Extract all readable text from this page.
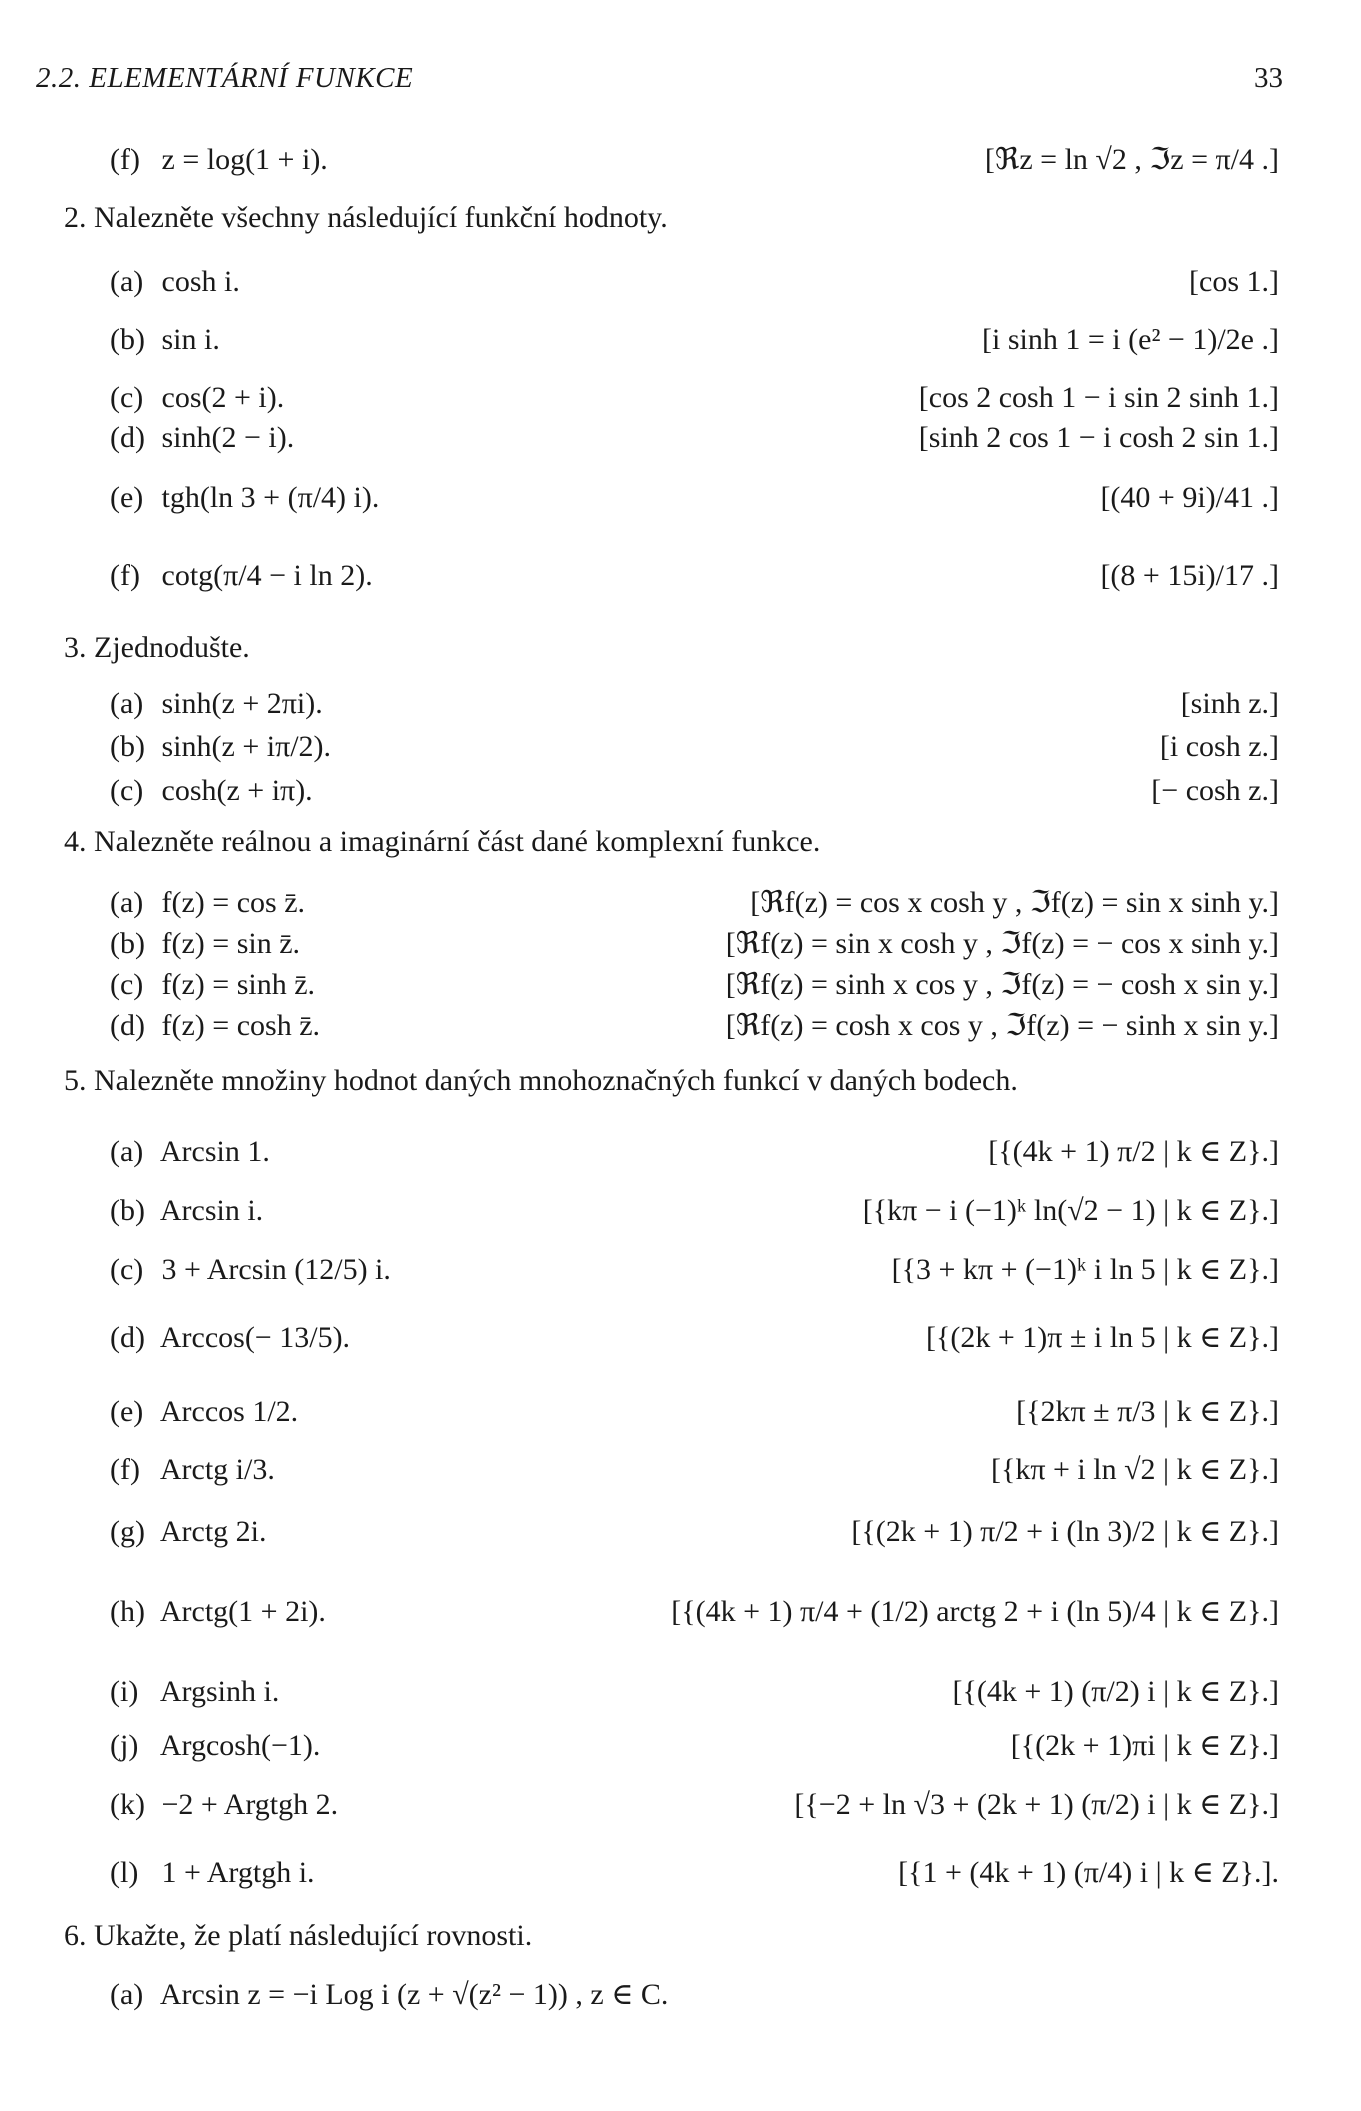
2.2. ELEMENTÁRNÍ FUNKCE	33
(f) z = log(1 + i).	[ℜz = ln √2 , ℑz = π/4 .]
2. Nalezněte všechny následující funkční hodnoty.
(a) cosh i.	[cos 1.]
(b) sin i.	[i sinh 1 = i (e² − 1)/2e .]
(c) cos(2 + i).	[cos 2 cosh 1 − i sin 2 sinh 1.]
(d) sinh(2 − i).	[sinh 2 cos 1 − i cosh 2 sin 1.]
(e) tgh(ln 3 + (π/4) i).	[(40 + 9i)/41 .]
(f) cotg(π/4 − i ln 2).	[(8 + 15i)/17 .]
3. Zjednodušte.
(a) sinh(z + 2πi).	[sinh z.]
(b) sinh(z + iπ/2).	[i cosh z.]
(c) cosh(z + iπ).	[− cosh z.]
4. Nalezněte reálnou a imaginární část dané komplexní funkce.
(a) f(z) = cos z̄.	[ℜf(z) = cos x cosh y , ℑf(z) = sin x sinh y.]
(b) f(z) = sin z̄.	[ℜf(z) = sin x cosh y , ℑf(z) = − cos x sinh y.]
(c) f(z) = sinh z̄.	[ℜf(z) = sinh x cos y , ℑf(z) = − cosh x sin y.]
(d) f(z) = cosh z̄.	[ℜf(z) = cosh x cos y , ℑf(z) = − sinh x sin y.]
5. Nalezněte množiny hodnot daných mnohoznačných funkcí v daných bodech.
(a) Arcsin 1.	[{(4k + 1) π/2 | k ∈ Z}.]
(b) Arcsin i.	[{kπ − i (−1)ᵏ ln(√2 − 1) | k ∈ Z}.]
(c) 3 + Arcsin (12/5) i.	[{3 + kπ + (−1)ᵏ i ln 5 | k ∈ Z}.]
(d) Arccos(− 13/5).	[{(2k + 1)π ± i ln 5 | k ∈ Z}.]
(e) Arccos 1/2.	[{2kπ ± π/3 | k ∈ Z}.]
(f) Arctg i/3.	[{kπ + i ln √2 | k ∈ Z}.]
(g) Arctg 2i.	[{(2k + 1) π/2 + i (ln 3)/2 | k ∈ Z}.]
(h) Arctg(1 + 2i).	[{(4k + 1) π/4 + (1/2) arctg 2 + i (ln 5)/4 | k ∈ Z}.]
(i) Argsinh i.	[{(4k + 1) (π/2) i | k ∈ Z}.]
(j) Argcosh(−1).	[{(2k + 1)πi | k ∈ Z}.]
(k) −2 + Argtgh 2.	[{−2 + ln √3 + (2k + 1) (π/2) i | k ∈ Z}.]
(l) 1 + Argtgh i.	[{1 + (4k + 1) (π/4) i | k ∈ Z}.].
6. Ukažte, že platí následující rovnosti.
(a) Arcsin z = −i Log i (z + √(z² − 1)) , z ∈ C.
